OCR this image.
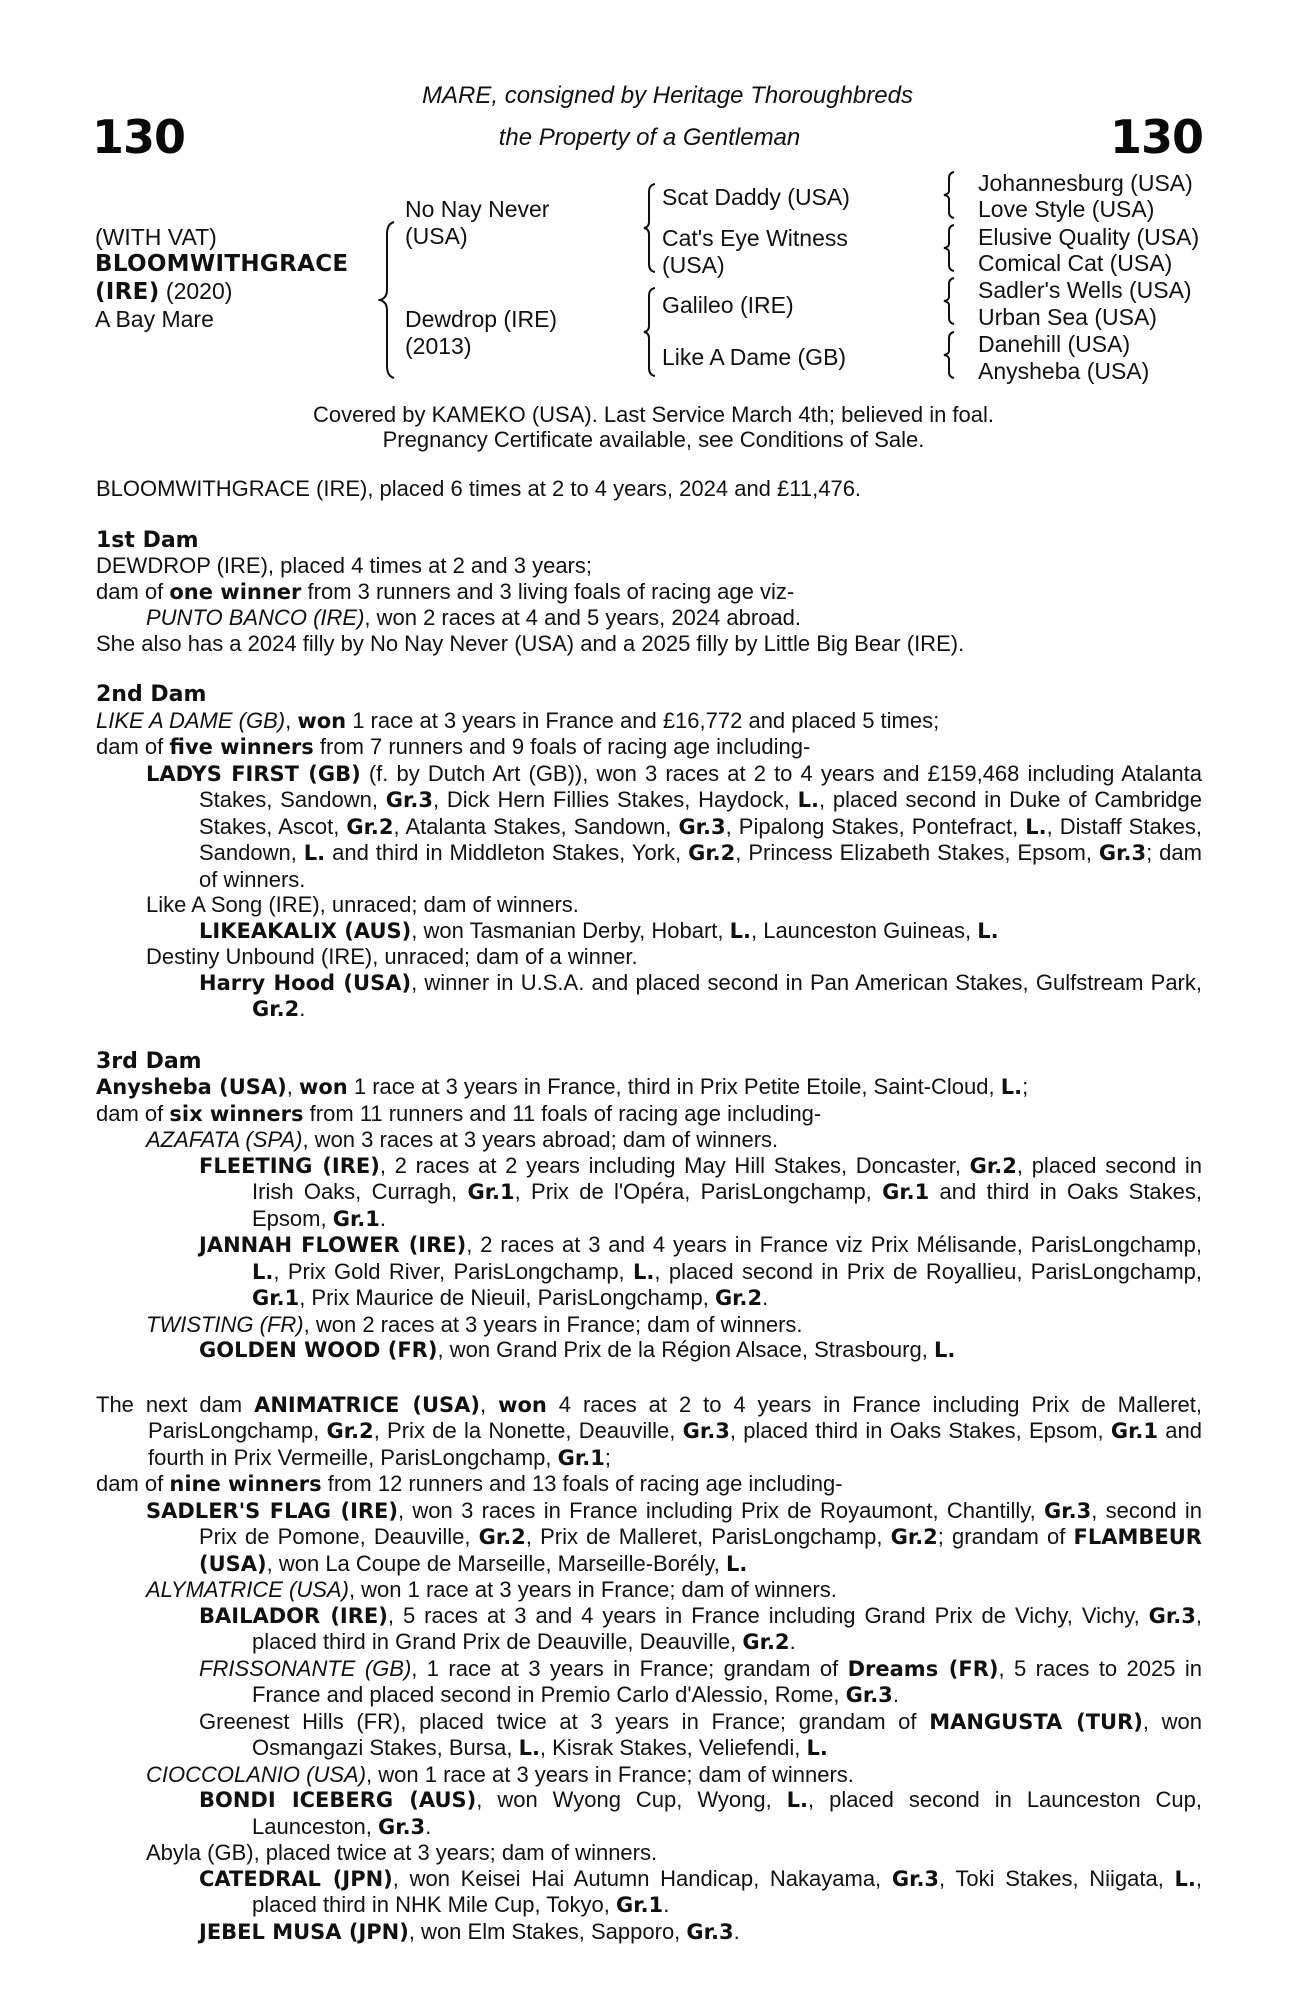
130	130
MARE, consigned by Heritage Thoroughbreds
the Property of a Gentleman
(WITH VAT)
BLOOMWITHGRACE
(IRE) (2020)
A Bay Mare
No Nay Never
(USA)
Dewdrop (IRE)
(2013)
Scat Daddy (USA)
Cat's Eye Witness
(USA)
Galileo (IRE)
Like A Dame (GB)
Johannesburg (USA)
Love Style (USA)
Elusive Quality (USA)
Comical Cat (USA)
Sadler's Wells (USA)
Urban Sea (USA)
Danehill (USA)
Anysheba (USA)
Covered by KAMEKO (USA). Last Service March 4th; believed in foal.
Pregnancy Certificate available, see Conditions of Sale.

BLOOMWITHGRACE (IRE), placed 6 times at 2 to 4 years, 2024 and £11,476.

1st Dam

DEWDROP (IRE), placed 4 times at 2 and 3 years;

dam of one winner from 3 runners and 3 living foals of racing age viz-

PUNTO BANCO (IRE), won 2 races at 4 and 5 years, 2024 abroad.

She also has a 2024 filly by No Nay Never (USA) and a 2025 filly by Little Big Bear (IRE).

2nd Dam

LIKE A DAME (GB), won 1 race at 3 years in France and £16,772 and placed 5 times;

dam of five winners from 7 runners and 9 foals of racing age including-

LADYS FIRST (GB) (f. by Dutch Art (GB)), won 3 races at 2 to 4 years and £159,468 including Atalanta Stakes, Sandown, Gr.3, Dick Hern Fillies Stakes, Haydock, L., placed second in Duke of Cambridge Stakes, Ascot, Gr.2, Atalanta Stakes, Sandown, Gr.3, Pipalong Stakes, Pontefract, L., Distaff Stakes, Sandown, L. and third in Middleton Stakes, York, Gr.2, Princess Elizabeth Stakes, Epsom, Gr.3; dam of winners.

Like A Song (IRE), unraced; dam of winners.

LIKEAKALIX (AUS), won Tasmanian Derby, Hobart, L., Launceston Guineas, L.

Destiny Unbound (IRE), unraced; dam of a winner.

Harry Hood (USA), winner in U.S.A. and placed second in Pan American Stakes, Gulfstream Park, Gr.2.

3rd Dam

Anysheba (USA), won 1 race at 3 years in France, third in Prix Petite Etoile, Saint-Cloud, L.;

dam of six winners from 11 runners and 11 foals of racing age including-

AZAFATA (SPA), won 3 races at 3 years abroad; dam of winners.

FLEETING (IRE), 2 races at 2 years including May Hill Stakes, Doncaster, Gr.2, placed second in Irish Oaks, Curragh, Gr.1, Prix de l'Opéra, ParisLongchamp, Gr.1 and third in Oaks Stakes, Epsom, Gr.1.

JANNAH FLOWER (IRE), 2 races at 3 and 4 years in France viz Prix Mélisande, ParisLongchamp, L., Prix Gold River, ParisLongchamp, L., placed second in Prix de Royallieu, ParisLongchamp, Gr.1, Prix Maurice de Nieuil, ParisLongchamp, Gr.2.

TWISTING (FR), won 2 races at 3 years in France; dam of winners.

GOLDEN WOOD (FR), won Grand Prix de la Région Alsace, Strasbourg, L.

The next dam ANIMATRICE (USA), won 4 races at 2 to 4 years in France including Prix de Malleret, ParisLongchamp, Gr.2, Prix de la Nonette, Deauville, Gr.3, placed third in Oaks Stakes, Epsom, Gr.1 and fourth in Prix Vermeille, ParisLongchamp, Gr.1;

dam of nine winners from 12 runners and 13 foals of racing age including-

SADLER'S FLAG (IRE), won 3 races in France including Prix de Royaumont, Chantilly, Gr.3, second in Prix de Pomone, Deauville, Gr.2, Prix de Malleret, ParisLongchamp, Gr.2; grandam of FLAMBEUR (USA), won La Coupe de Marseille, Marseille-Borély, L.

ALYMATRICE (USA), won 1 race at 3 years in France; dam of winners.

BAILADOR (IRE), 5 races at 3 and 4 years in France including Grand Prix de Vichy, Vichy, Gr.3, placed third in Grand Prix de Deauville, Deauville, Gr.2.

FRISSONANTE (GB), 1 race at 3 years in France; grandam of Dreams (FR), 5 races to 2025 in France and placed second in Premio Carlo d'Alessio, Rome, Gr.3.

Greenest Hills (FR), placed twice at 3 years in France; grandam of MANGUSTA (TUR), won Osmangazi Stakes, Bursa, L., Kisrak Stakes, Veliefendi, L.

CIOCCOLANIO (USA), won 1 race at 3 years in France; dam of winners.

BONDI ICEBERG (AUS), won Wyong Cup, Wyong, L., placed second in Launceston Cup, Launceston, Gr.3.

Abyla (GB), placed twice at 3 years; dam of winners.

CATEDRAL (JPN), won Keisei Hai Autumn Handicap, Nakayama, Gr.3, Toki Stakes, Niigata, L., placed third in NHK Mile Cup, Tokyo, Gr.1.

JEBEL MUSA (JPN), won Elm Stakes, Sapporo, Gr.3.
